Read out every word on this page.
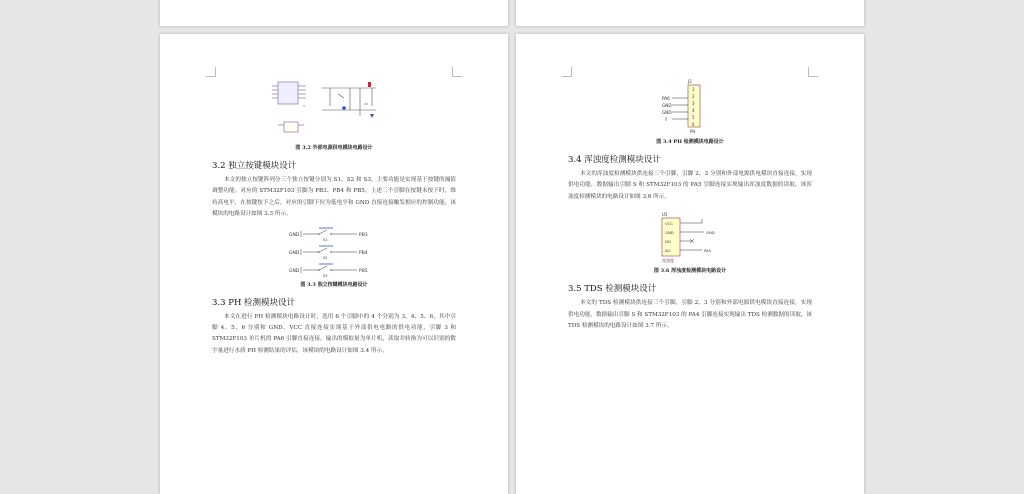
图 3.2 外部电源供电模块电路设计
3.2 独立按键模块设计

本文的独立按键阵列分三个独立按键分别为 S1、S2 和 S3，主要功能是实现基于按键的阈值调整功能。对应的 STM32F103 引脚为 PB3、PB4 和 PB5，上述三个引脚在按键未按下时，维持高电平，在按键按下之后，对应的引脚下拉为低电平和 GND 直接连接触发相应的控制功能，该模块的电路设计如图 3.3 所示。

GND
S1
PB3
GND
S2
PB4
GND
S3
PB5
图 3.3 独立按键模块电路设计
3.3 PH 检测模块设计

本文在进行 PH 检测模块电路设计时，选用 6 个引脚中的 4 个分别为 3、4、5、6，其中引脚 4、5、6 分别和 GND、VCC 直接连接实现基于外部供电电路的供电功能，引脚 3 和 STM32F103 单片机的 PA6 引脚直接连接，输出的模拟量为单片机，读取并转换为可以识别的数字量进行水质 PH 检测结果的评估，该模块的电路设计如图 3.4 所示。

J2
1
2
3
4
5
6
PA6
GND
GND
PH
图 3.4 PH 检测模块电路设计
3.4 浑浊度检测模块设计

本文的浑浊度检测模块供连接三个引脚，引脚 2、3 分别和外部电源供电模块直接连接，实现供电功能，数据输出引脚 S 和 STM32F103 的 PA5 引脚连接实现输出浑浊度数据的读取，该浑浊度检测模块的电路设计如图 3.6 所示。

U5
VCC
GND
DO
AO
GND
PA5
浑浊度
图 3.6 浑浊度检测模块电路设计
3.5 TDS 检测模块设计

本文的 TDS 检测模块供连接三个引脚，引脚 2、3 分别和外部电源供电模块直接连接，实现供电功能，数据输出引脚 S 和 STM32F103 的 PA4 引脚连接实现输出 TDS 检测数据的读取，该 TDS 检测模块的电路设计如图 3.7 所示。
